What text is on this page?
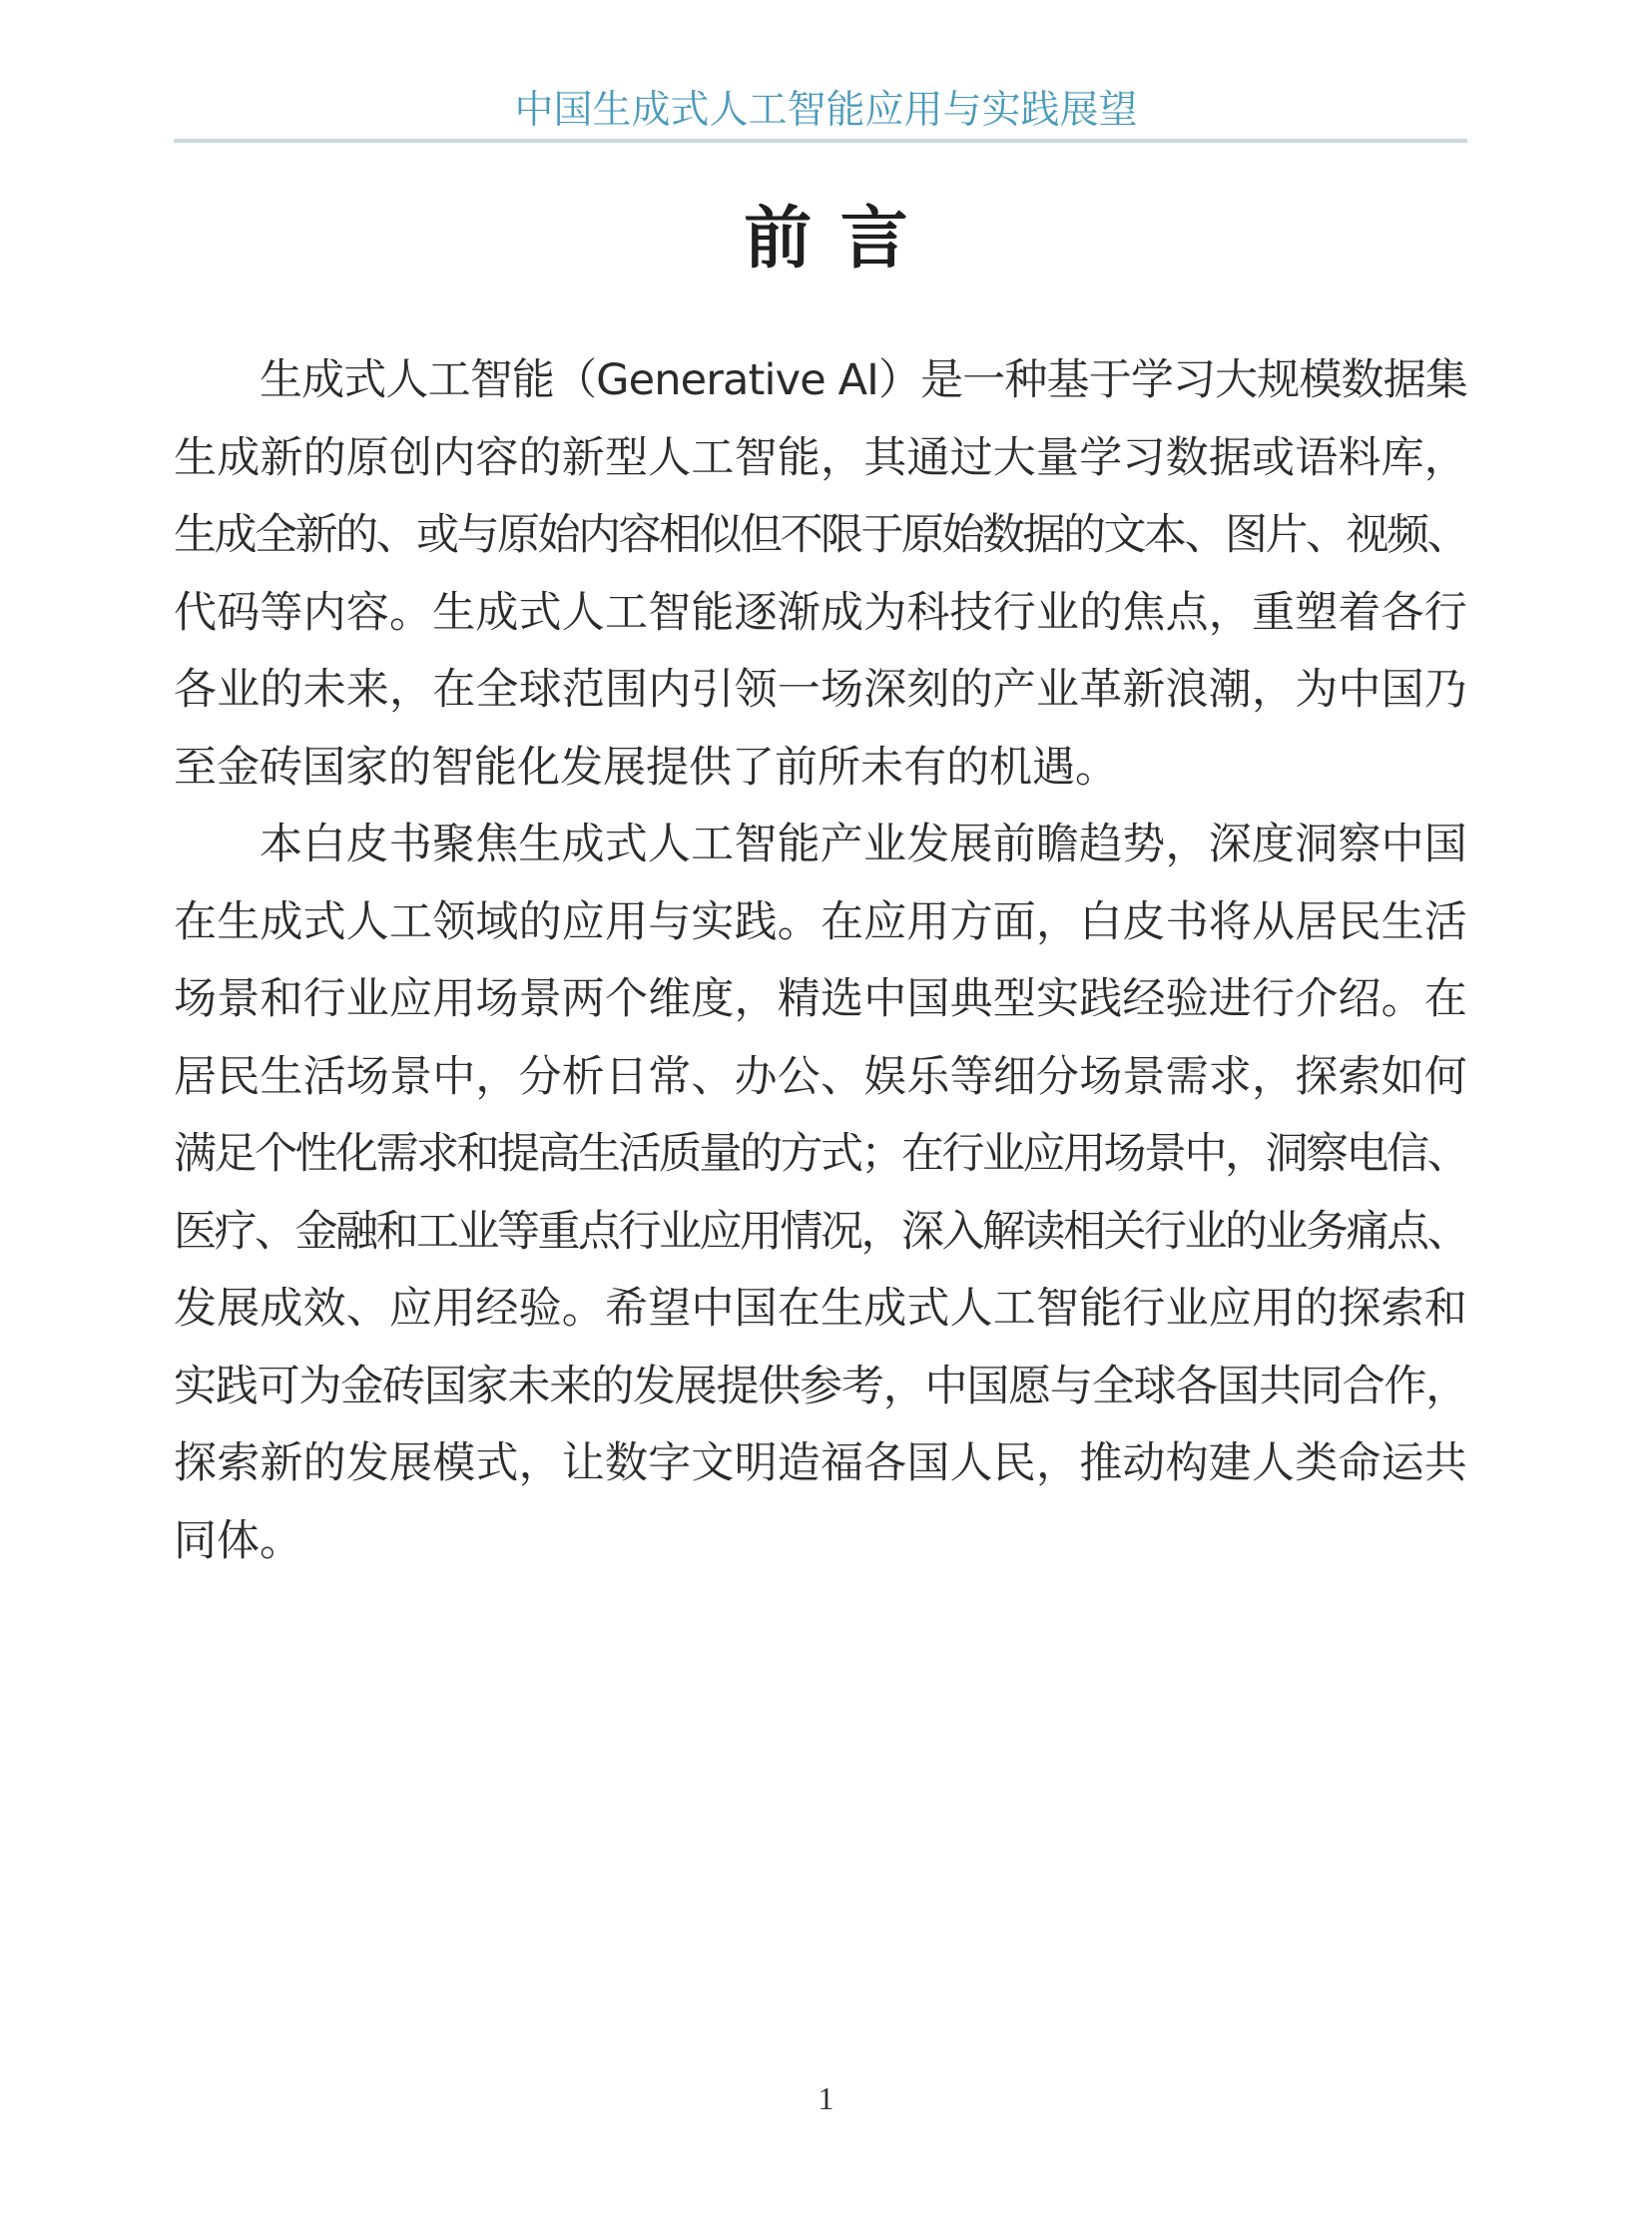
中国生成式人工智能应用与实践展望
前言
生成式人工智能（Generative AI）是一种基于学习大规模数据集
生成新的原创内容的新型人工智能，其通过大量学习数据或语料库，
生成全新的、或与原始内容相似但不限于原始数据的文本、图片、视频、
代码等内容。生成式人工智能逐渐成为科技行业的焦点，重塑着各行
各业的未来，在全球范围内引领一场深刻的产业革新浪潮，为中国乃
至金砖国家的智能化发展提供了前所未有的机遇。
本白皮书聚焦生成式人工智能产业发展前瞻趋势，深度洞察中国
在生成式人工领域的应用与实践。在应用方面，白皮书将从居民生活
场景和行业应用场景两个维度，精选中国典型实践经验进行介绍。在
居民生活场景中，分析日常、办公、娱乐等细分场景需求，探索如何
满足个性化需求和提高生活质量的方式；在行业应用场景中，洞察电信、
医疗、金融和工业等重点行业应用情况，深入解读相关行业的业务痛点、
发展成效、应用经验。希望中国在生成式人工智能行业应用的探索和
实践可为金砖国家未来的发展提供参考，中国愿与全球各国共同合作，
探索新的发展模式，让数字文明造福各国人民，推动构建人类命运共
同体。
1
